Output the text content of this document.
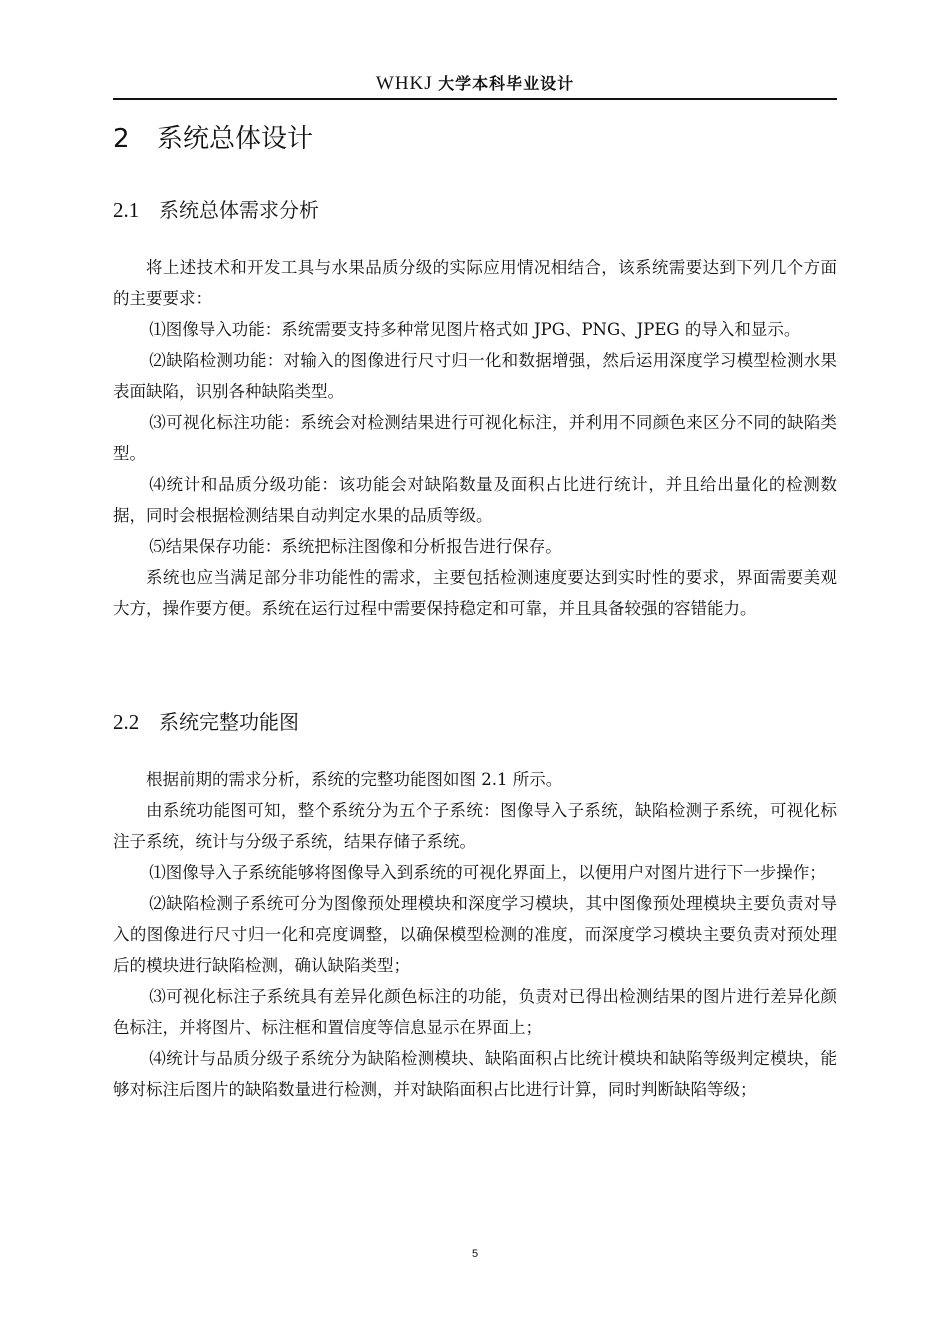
WHKJ 大学本科毕业设计
2 系统总体设计
2.1 系统总体需求分析

将上述技术和开发工具与水果品质分级的实际应用情况相结合，该系统需要达到下列几个方面的主要要求：

⑴图像导入功能：系统需要支持多种常见图片格式如 JPG、PNG、JPEG 的导入和显示。

⑵缺陷检测功能：对输入的图像进行尺寸归一化和数据增强，然后运用深度学习模型检测水果表面缺陷，识别各种缺陷类型。

⑶可视化标注功能：系统会对检测结果进行可视化标注，并利用不同颜色来区分不同的缺陷类型。

⑷统计和品质分级功能：该功能会对缺陷数量及面积占比进行统计，并且给出量化的检测数据，同时会根据检测结果自动判定水果的品质等级。

⑸结果保存功能：系统把标注图像和分析报告进行保存。

系统也应当满足部分非功能性的需求，主要包括检测速度要达到实时性的要求，界面需要美观大方，操作要方便。系统在运行过程中需要保持稳定和可靠，并且具备较强的容错能力。

2.2 系统完整功能图

根据前期的需求分析，系统的完整功能图如图 2.1 所示。

由系统功能图可知，整个系统分为五个子系统：图像导入子系统，缺陷检测子系统，可视化标注子系统，统计与分级子系统，结果存储子系统。

⑴图像导入子系统能够将图像导入到系统的可视化界面上，以便用户对图片进行下一步操作；

⑵缺陷检测子系统可分为图像预处理模块和深度学习模块，其中图像预处理模块主要负责对导入的图像进行尺寸归一化和亮度调整，以确保模型检测的准度，而深度学习模块主要负责对预处理后的模块进行缺陷检测，确认缺陷类型；

⑶可视化标注子系统具有差异化颜色标注的功能，负责对已得出检测结果的图片进行差异化颜色标注，并将图片、标注框和置信度等信息显示在界面上；

⑷统计与品质分级子系统分为缺陷检测模块、缺陷面积占比统计模块和缺陷等级判定模块，能够对标注后图片的缺陷数量进行检测，并对缺陷面积占比进行计算，同时判断缺陷等级；

5
